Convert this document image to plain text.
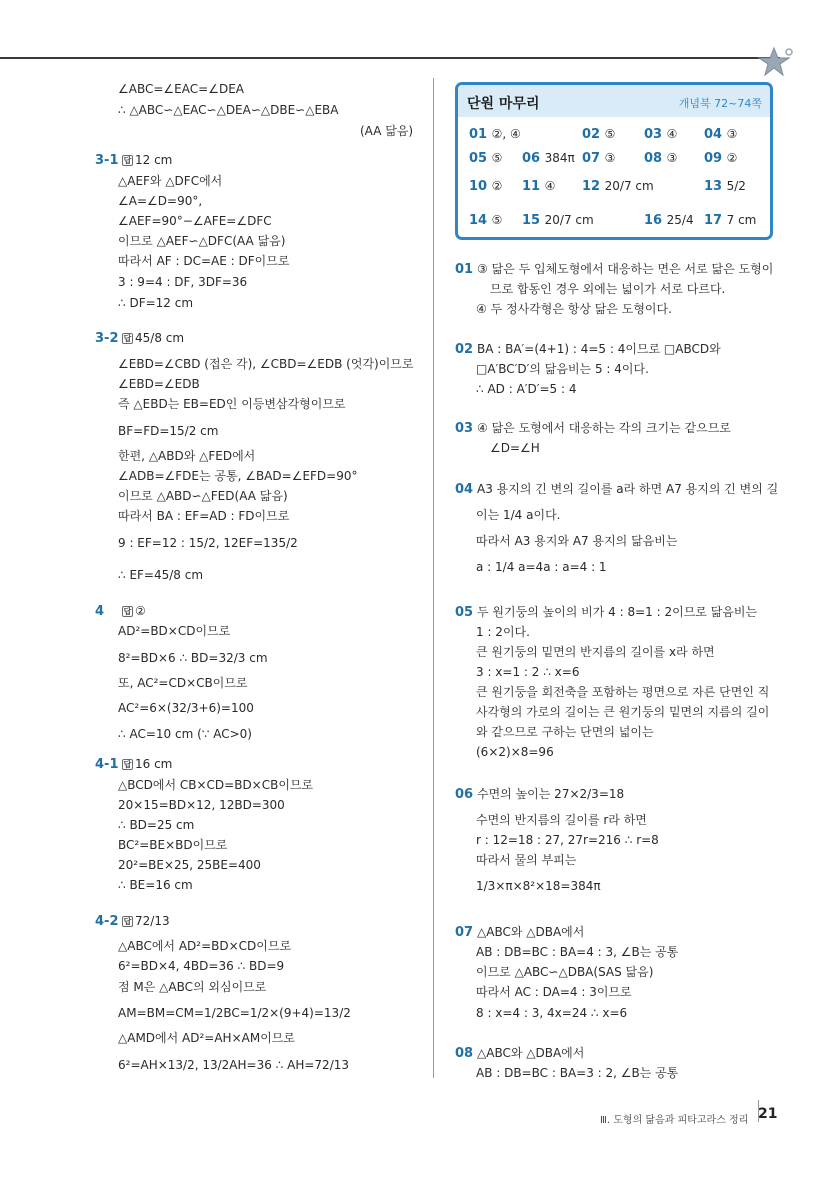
∠ABC=∠EAC=∠DEA
∴ △ABC∽△EAC∽△DEA∽△DBE∽△EBA
(AA 닮음)
3-1 답 12 cm
△AEF와 △DFC에서
∠A=∠D=90°,
∠AEF=90°−∠AFE=∠DFC
이므로 △AEF∽△DFC(AA 닮음)
따라서 AF : DC=AE : DF이므로
3 : 9=4 : DF, 3DF=36
∴ DF=12 cm
3-2 답 45/8 cm
∠EBD=∠CBD (접은 각), ∠CBD=∠EDB (엇각)이므로
∠EBD=∠EDB
즉 △EBD는 EB=ED인 이등변삼각형이므로
BF=FD=15/2 cm
한편, △ABD와 △FED에서
∠ADB=∠FDE는 공통, ∠BAD=∠EFD=90°
이므로 △ABD∽△FED(AA 닮음)
따라서 BA : EF=AD : FD이므로
9 : EF=12 : 15/2, 12EF=135/2
∴ EF=45/8 cm
4 답 ②
AD²=BD×CD이므로
8²=BD×6 ∴ BD=32/3 cm
또, AC²=CD×CB이므로
AC²=6×(32/3+6)=100
∴ AC=10 cm (∵ AC>0)
4-1 답 16 cm
△BCD에서 CB×CD=BD×CB이므로
20×15=BD×12, 12BD=300
∴ BD=25 cm
BC²=BE×BD이므로
20²=BE×25, 25BE=400
∴ BE=16 cm
4-2 답 72/13
△ABC에서 AD²=BD×CD이므로
6²=BD×4, 4BD=36 ∴ BD=9
점 M은 △ABC의 외심이므로
AM=BM=CM=1/2BC=1/2×(9+4)=13/2
△AMD에서 AD²=AH×AM이므로
6²=AH×13/2, 13/2AH=36 ∴ AH=72/13
단원 마무리	개념북 72~74쪽
01 ②, ④	02 ⑤ 03 ④ 04 ③
05 ⑤ 06 384π 07 ③ 08 ③ 09 ②
10 ② 11 ④ 12 20/7 cm	13 5/2
14 ⑤ 15 20/7 cm	16 25/4 17 7 cm
01 ③ 닮은 두 입체도형에서 대응하는 면은 서로 닮은 도형이
므로 합동인 경우 외에는 넓이가 서로 다르다.
④ 두 정사각형은 항상 닮은 도형이다.
02 BA : BA′=(4+1) : 4=5 : 4이므로 □ABCD와
□A′BC′D′의 닮음비는 5 : 4이다.
∴ AD : A′D′=5 : 4
03 ④ 닮은 도형에서 대응하는 각의 크기는 같으므로
∠D=∠H
04 A3 용지의 긴 변의 길이를 a라 하면 A7 용지의 긴 변의 길
이는 1/4 a이다.
따라서 A3 용지와 A7 용지의 닮음비는
a : 1/4 a=4a : a=4 : 1
05 두 원기둥의 높이의 비가 4 : 8=1 : 2이므로 닮음비는
1 : 2이다.
큰 원기둥의 밑면의 반지름의 길이를 x라 하면
3 : x=1 : 2 ∴ x=6
큰 원기둥을 회전축을 포함하는 평면으로 자른 단면인 직
사각형의 가로의 길이는 큰 원기둥의 밑면의 지름의 길이
와 같으므로 구하는 단면의 넓이는
(6×2)×8=96
06 수면의 높이는 27×2/3=18
수면의 반지름의 길이를 r라 하면
r : 12=18 : 27, 27r=216 ∴ r=8
따라서 물의 부피는
1/3×π×8²×18=384π
07 △ABC와 △DBA에서
AB : DB=BC : BA=4 : 3, ∠B는 공통
이므로 △ABC∽△DBA(SAS 닮음)
따라서 AC : DA=4 : 3이므로
8 : x=4 : 3, 4x=24 ∴ x=6
08 △ABC와 △DBA에서
AB : DB=BC : BA=3 : 2, ∠B는 공통
Ⅲ. 도형의 닮음과 피타고라스 정리 21
